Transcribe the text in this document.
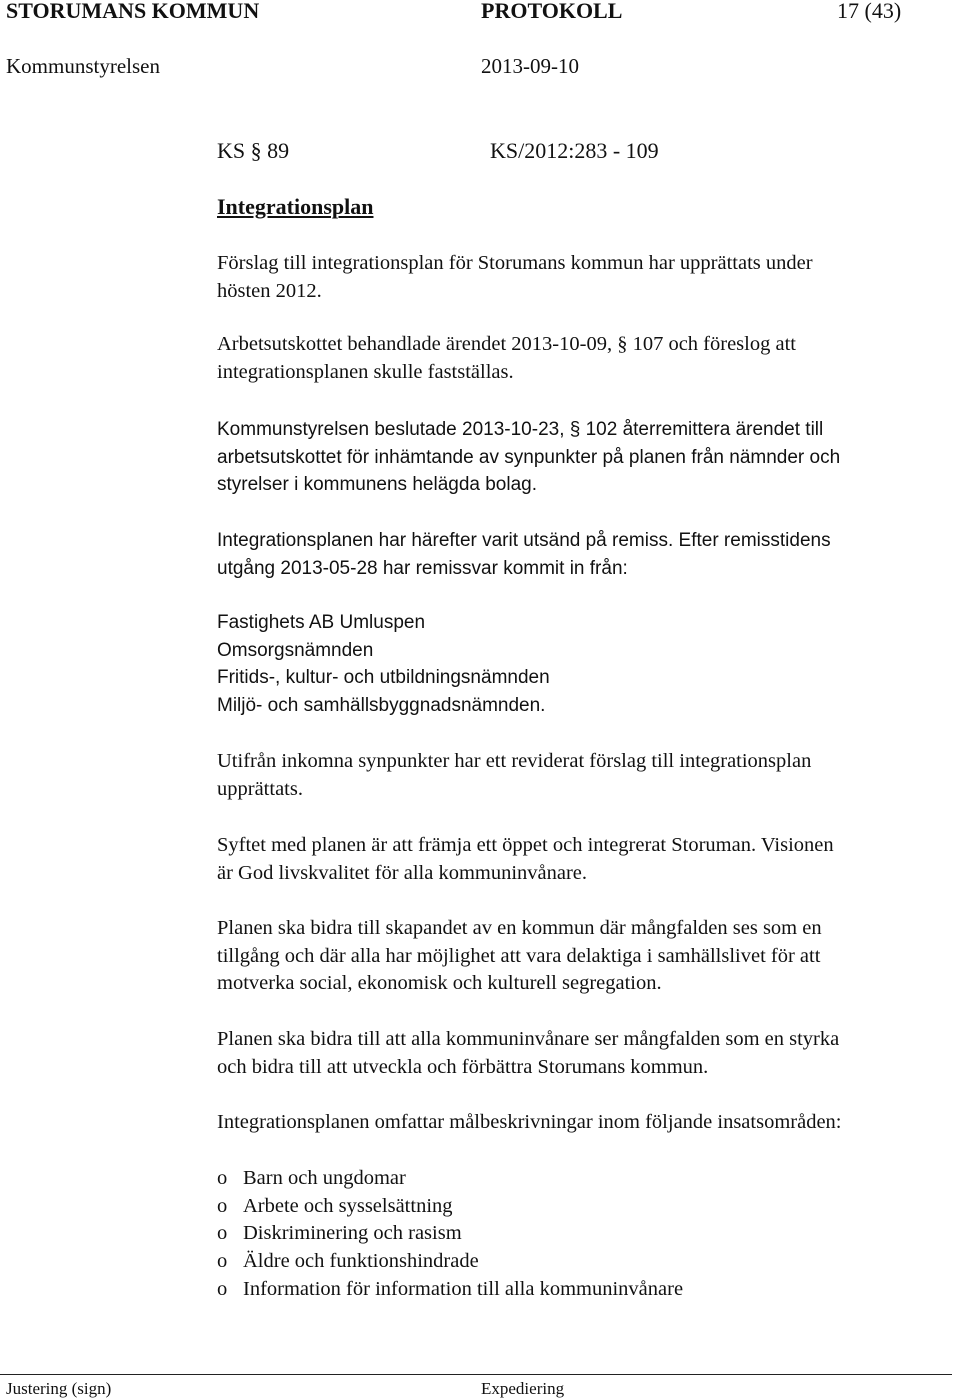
STORUMANS KOMMUN	PROTOKOLL	17 (43)
Kommunstyrelsen	2013-09-10
KS § 89	KS/2012:283 - 109
Integrationsplan
Förslag till integrationsplan för Storumans kommun har upprättats under
hösten 2012.
Arbetsutskottet behandlade ärendet 2013-10-09, § 107 och föreslog att
integrationsplanen skulle fastställas.
Kommunstyrelsen beslutade 2013-10-23, § 102 återremittera ärendet till
arbetsutskottet för inhämtande av synpunkter på planen från nämnder och
styrelser i kommunens helägda bolag.
Integrationsplanen har härefter varit utsänd på remiss. Efter remisstidens
utgång 2013-05-28 har remissvar kommit in från:
Fastighets AB Umluspen
Omsorgsnämnden
Fritids-, kultur- och utbildningsnämnden
Miljö- och samhällsbyggnadsnämnden.
Utifrån inkomna synpunkter har ett reviderat förslag till integrationsplan
upprättats.
Syftet med planen är att främja ett öppet och integrerat Storuman. Visionen
är God livskvalitet för alla kommuninvånare.
Planen ska bidra till skapandet av en kommun där mångfalden ses som en
tillgång och där alla har möjlighet att vara delaktiga i samhällslivet för att
motverka social, ekonomisk och kulturell segregation.
Planen ska bidra till att alla kommuninvånare ser mångfalden som en styrka
och bidra till att utveckla och förbättra Storumans kommun.
Integrationsplanen omfattar målbeskrivningar inom följande insatsområden:
o Barn och ungdomar
o Arbete och sysselsättning
o Diskriminering och rasism
o Äldre och funktionshindrade
o Information för information till alla kommuninvånare
Justering (sign)	Expediering
